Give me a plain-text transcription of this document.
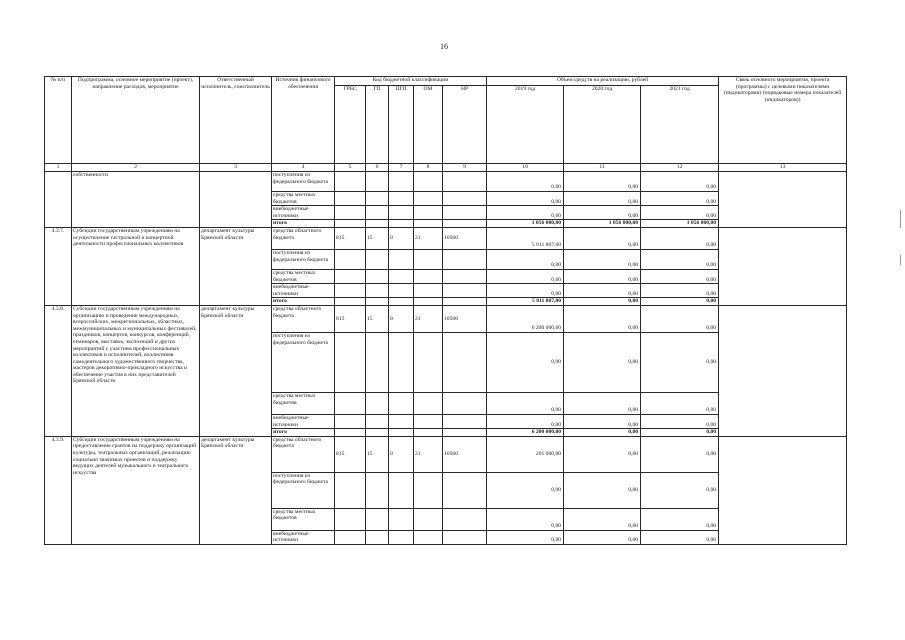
16
№ п/п	Подпрограмма, основное мероприятие (проект), направление расходов, мероприятие	Ответственный исполнитель, соисполнитель	Источник финансового обеспечения	Код бюджетной классификации					Объем средств на реализацию, рублей			Связь основного мероприятия, проекта (программы) с целевыми показателями (индикаторами) (порядковые номера показателей (индикаторов))
				ГРБС	ГП	ПГП	ОМ	НР	2019 год	2020 год	2021 год	
1	2	3	4	5	6	7	8	9	10	11	12	13
	собственности		поступления из федерального бюджета						0,00	0,00	0,00	
			средства местных бюджетов						0,00	0,00	0,00	
			внебюджетные источники						0,00	0,00	0,00	
			итого						1 056 000,00	1 056 000,00	1 056 000,00	
4.3.7.	Субсидии государственным учреждениям на осуществление гастрольной и концертной деятельности профессиональных коллективов	департамент культуры Брянской области	средства областного бюджета	815	15	0	21	10560	5 011 807,00	0,00	0,00	
			поступления из федерального бюджета						0,00	0,00	0,00	
			средства местных бюджетов						0,00	0,00	0,00	
			внебюджетные источники						0,00	0,00	0,00	
			итого						5 011 807,00	0,00	0,00	
4.3.8.	Субсидии государственным учреждениям на организацию и проведение международных, всероссийских, межрегиональных, областных, межмуниципальных и муниципальных фестивалей, праздников, концертов, конкурсов, конференций, семинаров, выставок, экспозиций и других мероприятий с участием профессиональных коллективов и исполнителей, коллективов самодеятельного художественного творчества, мастеров декоративно-прикладного искусства и обеспечение участия в них представителей Брянской области	департамент культуры Брянской области	средства областного бюджета	815	15	0	21	10560	6 200 000,00	0,00	0,00	
			поступления из федерального бюджета						0,00	0,00	0,00	
			средства местных бюджетов						0,00	0,00	0,00	
			внебюджетные источники						0,00	0,00	0,00	
			итого						6 200 000,00	0,00	0,00	
4.3.9.	Субсидии государственным учреждениям на предоставление грантов на поддержку организаций культуры, театральных организаций, реализацию социально значимых проектов и поддержку ведущих деятелей музыкального и театрального искусства	департамент культуры Брянской области	средства областного бюджета	815	15	0	21	10560	201 000,00	0,00	0,00	
			поступления из федерального бюджета						0,00	0,00	0,00	
			средства местных бюджетов						0,00	0,00	0,00	
			внебюджетные источники						0,00	0,00	0,00	
